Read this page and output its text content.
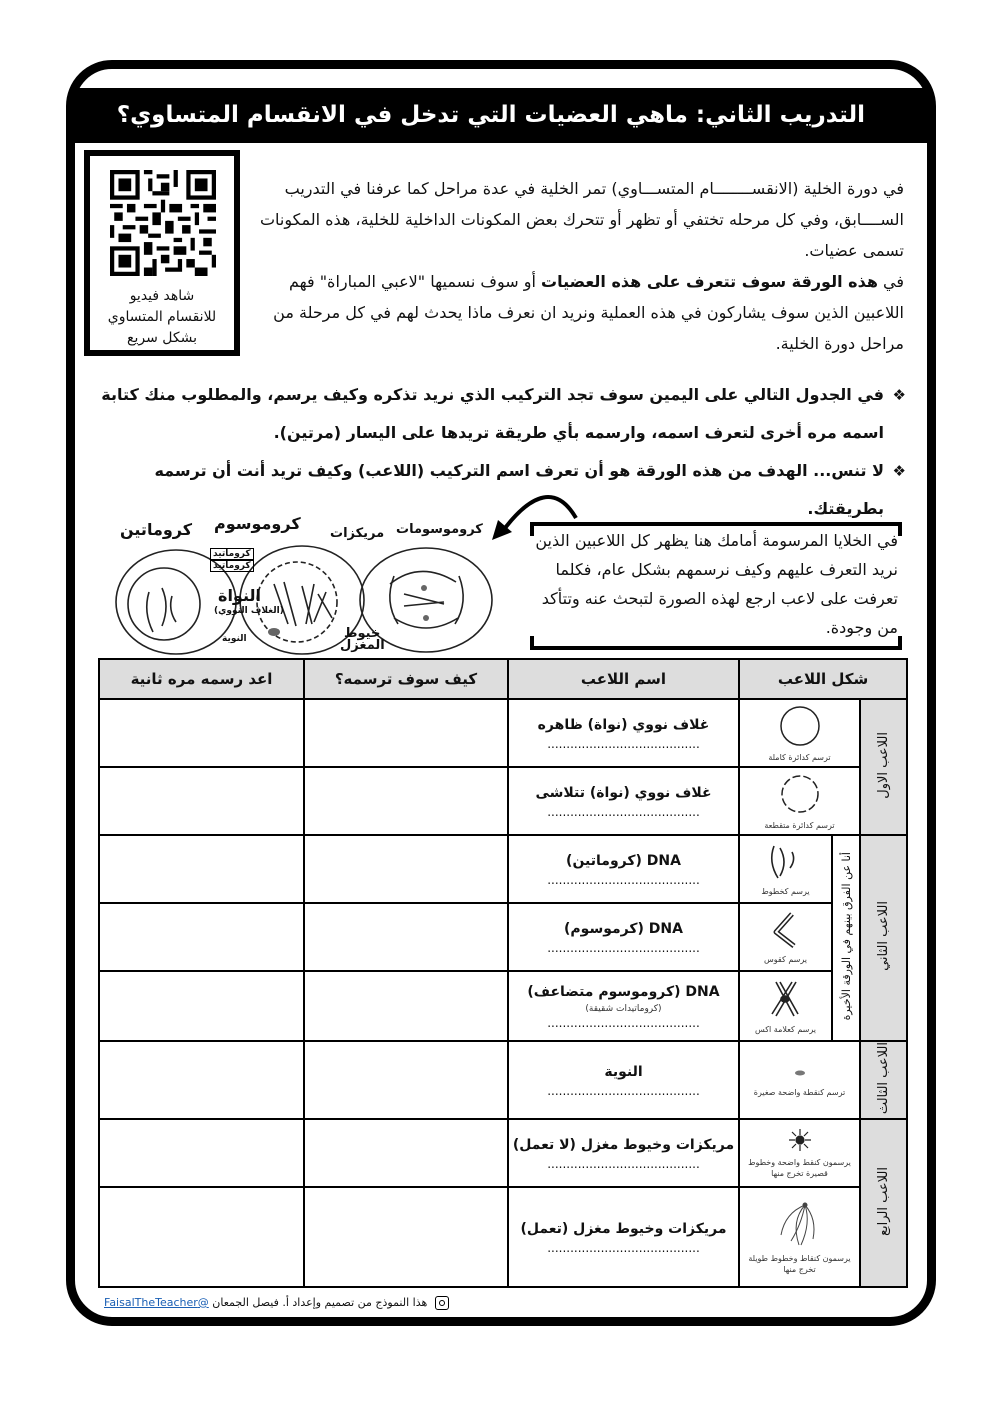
التدريب الثاني: ماهي العضيات التي تدخل في الانقسام المتساوي؟
شاهد فيديو
للانقسام المتساوي
بشكل سريع

في دورة الخلية (الانقســــــــام المتســـاوي) تمر الخلية في عدة مراحل كما عرفنا في التدريب الســــابق، وفي كل مرحله تختفي أو تظهر أو تتحرك بعض المكونات الداخلية للخلية، هذه المكونات تسمى عضيات.

في هذه الورقة سوف تتعرف على هذه العضيات أو سوف نسميها "لاعبي المباراة" فهم اللاعبين الذين سوف يشاركون في هذه العملية ونريد ان نعرف ماذا يحدث لهم في كل مرحلة من مراحل دورة الخلية.

❖
في الجدول التالي على اليمين سوف تجد التركيب الذي نريد تذكره وكيف يرسم، والمطلوب منك كتابة اسمه مره أخرى لتعرف اسمه، وارسمه بأي طريقة تريدها على اليسار (مرتين).
❖
لا تنس... الهدف من هذه الورقة هو أن تعرف اسم التركيب (اللاعب) وكيف تريد أنت أن ترسمه بطريقتك.
كروماتين كروموسوم
مريكزات كروموسومات
كروماتيد
كروماتيد
النواة
(الغلاف النووي)
النوية	خيوط
المغزل
في الخلايا المرسومة أمامك هنا يظهر كل اللاعبين الذين نريد التعرف عليهم وكيف نرسمهم بشكل عام، فكلما تعرفت على لاعب ارجع لهذه الصورة لتبحث عنه وتتأكد من وجودة.
شكل اللاعب			اسم اللاعب	كيف سوف ترسمه؟	اعد رسمه مره ثانية
اللاعب الاول	ترسم كدائرة كاملة		غلاف نووي (نواة) ظاهره
........................................		

	ترسم كدائرة متقطعة		غلاف نووي (نواة) تتلاشى
........................................		

اللاعب الثاني	أنا عن الفرق بينهم في الورقة الأخيرة	يرسم كخطوط	DNA (كروماتين)
........................................		

		يرسم كقوس	DNA (كرموسوم)
........................................		

		يرسم كعلامة اكس	DNA (كروموسوم متضاعف)
(كروماتيدات شقيقة)
........................................		

اللاعب الثالث	ترسم كنقطة واضحة صغيرة		النوية
........................................		

اللاعب الرابع	يرسمون كنقط واضحة وخطوط قصيرة تخرج منها		مريكزات وخيوط مغزل (لا تعمل)
........................................		

	يرسمون كنقاط وخطوط طويلة تخرج منها		مريكزات وخيوط مغزل (تعمل)
........................................		

هذا النموذج من تصميم وإعداد أ. فيصل الجمعان @FaisalTheTeacher
